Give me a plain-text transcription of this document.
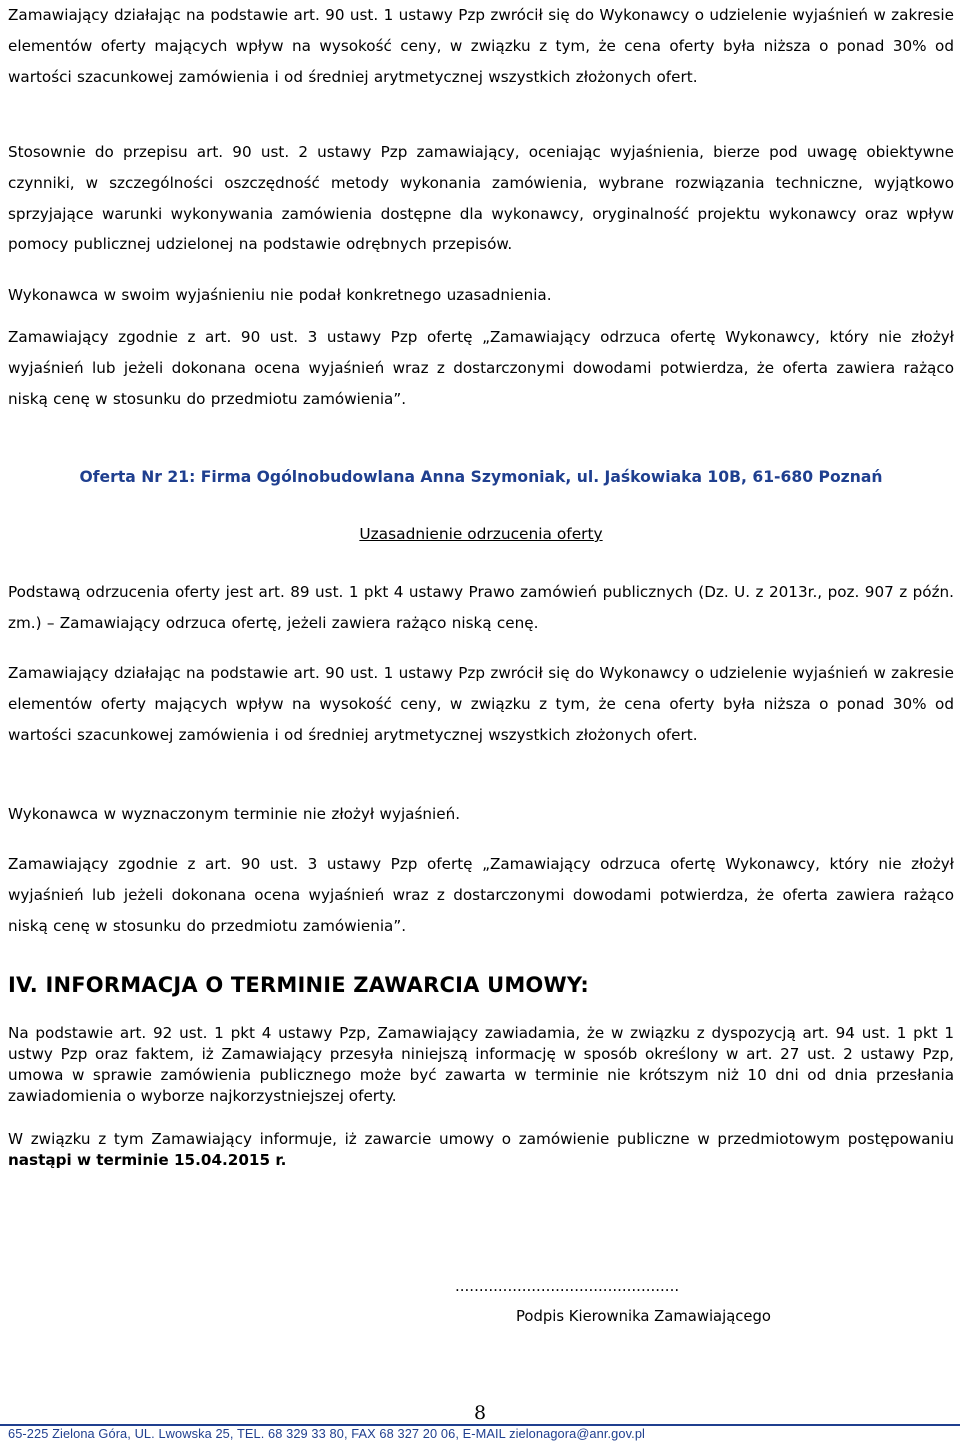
Zamawiający działając na podstawie art. 90 ust. 1 ustawy Pzp zwrócił się do Wykonawcy o udzielenie wyjaśnień w zakresie elementów oferty mających wpływ na wysokość ceny, w związku z tym, że cena oferty była niższa o ponad 30% od wartości szacunkowej zamówienia i od średniej arytmetycznej wszystkich złożonych ofert.

Stosownie do przepisu art. 90 ust. 2 ustawy Pzp zamawiający, oceniając wyjaśnienia, bierze pod uwagę obiektywne czynniki, w szczególności oszczędność metody wykonania zamówienia, wybrane rozwiązania techniczne, wyjątkowo sprzyjające warunki wykonywania zamówienia dostępne dla wykonawcy, oryginalność projektu wykonawcy oraz wpływ pomocy publicznej udzielonej na podstawie odrębnych przepisów.

Wykonawca w swoim wyjaśnieniu nie podał konkretnego uzasadnienia.

Zamawiający zgodnie z art. 90 ust. 3 ustawy Pzp ofertę „Zamawiający odrzuca ofertę Wykonawcy, który nie złożył wyjaśnień lub jeżeli dokonana ocena wyjaśnień wraz z dostarczonymi dowodami potwierdza, że oferta zawiera rażąco niską cenę w stosunku do przedmiotu zamówienia”.

Oferta Nr 21: Firma Ogólnobudowlana Anna Szymoniak, ul. Jaśkowiaka 10B, 61-680 Poznań

Uzasadnienie odrzucenia oferty

Podstawą odrzucenia oferty jest art. 89 ust. 1 pkt 4 ustawy Prawo zamówień publicznych (Dz. U. z 2013r., poz. 907 z późn. zm.) – Zamawiający odrzuca ofertę, jeżeli zawiera rażąco niską cenę.

Zamawiający działając na podstawie art. 90 ust. 1 ustawy Pzp zwrócił się do Wykonawcy o udzielenie wyjaśnień w zakresie elementów oferty mających wpływ na wysokość ceny, w związku z tym, że cena oferty była niższa o ponad 30% od wartości szacunkowej zamówienia i od średniej arytmetycznej wszystkich złożonych ofert.

Wykonawca w wyznaczonym terminie nie złożył wyjaśnień.

Zamawiający zgodnie z art. 90 ust. 3 ustawy Pzp ofertę „Zamawiający odrzuca ofertę Wykonawcy, który nie złożył wyjaśnień lub jeżeli dokonana ocena wyjaśnień wraz z dostarczonymi dowodami potwierdza, że oferta zawiera rażąco niską cenę w stosunku do przedmiotu zamówienia”.

IV. INFORMACJA O TERMINIE ZAWARCIA UMOWY:

Na podstawie art. 92 ust. 1 pkt 4 ustawy Pzp, Zamawiający zawiadamia, że w związku z dyspozycją art. 94 ust. 1 pkt 1 ustwy Pzp oraz faktem, iż Zamawiający przesyła niniejszą informację w sposób określony w art. 27 ust. 2 ustawy Pzp, umowa w sprawie zamówienia publicznego może być zawarta w terminie nie krótszym niż 10 dni od dnia przesłania zawiadomienia o wyborze najkorzystniejszej oferty.

W związku z tym Zamawiający informuje, iż zawarcie umowy o zamówienie publiczne w przedmiotowym postępowaniu nastąpi w terminie 15.04.2015 r.

...............................................
Podpis Kierownika Zamawiającego
8
65-225 Zielona Góra, UL. Lwowska 25, TEL. 68 329 33 80, FAX 68 327 20 06, E-MAIL zielonagora@anr.gov.pl
